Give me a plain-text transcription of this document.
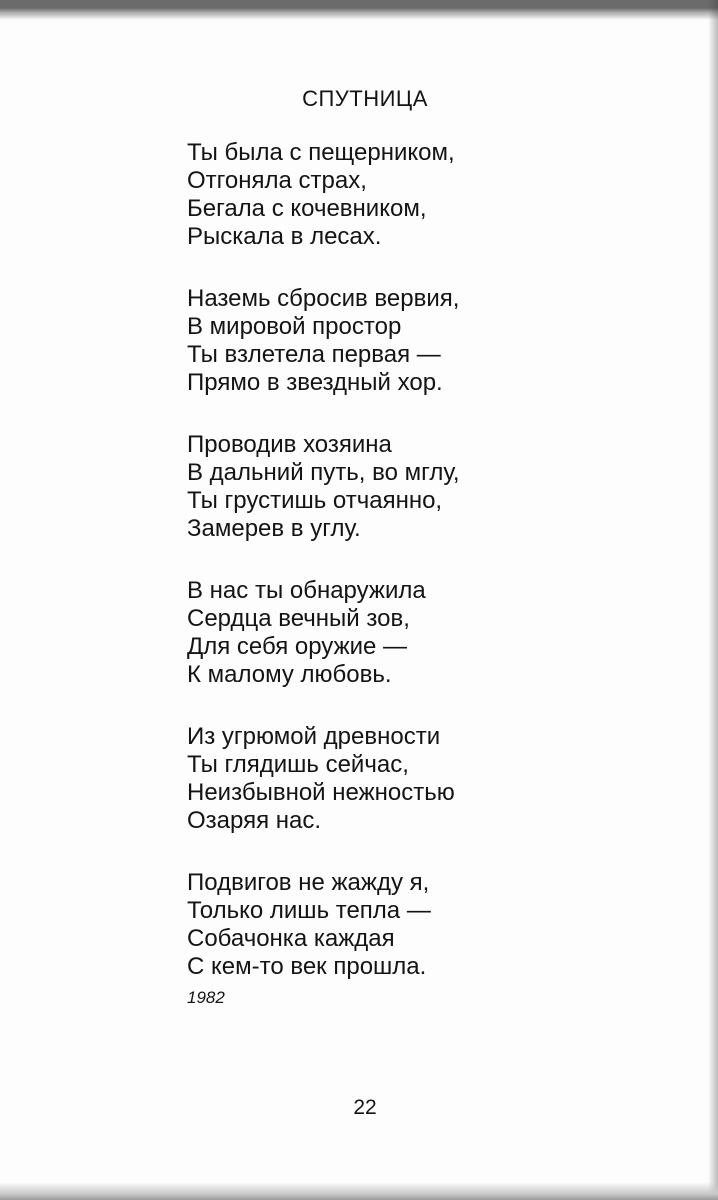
СПУТНИЦА
Ты была с пещерником,
Отгоняла страх,
Бегала с кочевником,
Рыскала в лесах.
Наземь сбросив вервия,
В мировой простор
Ты взлетела первая —
Прямо в звездный хор.
Проводив хозяина
В дальний путь, во мглу,
Ты грустишь отчаянно,
Замерев в углу.
В нас ты обнаружила
Сердца вечный зов,
Для себя оружие —
К малому любовь.
Из угрюмой древности
Ты глядишь сейчас,
Неизбывной нежностью
Озаряя нас.
Подвигов не жажду я,
Только лишь тепла —
Собачонка каждая
С кем-то век прошла.
1982
22
